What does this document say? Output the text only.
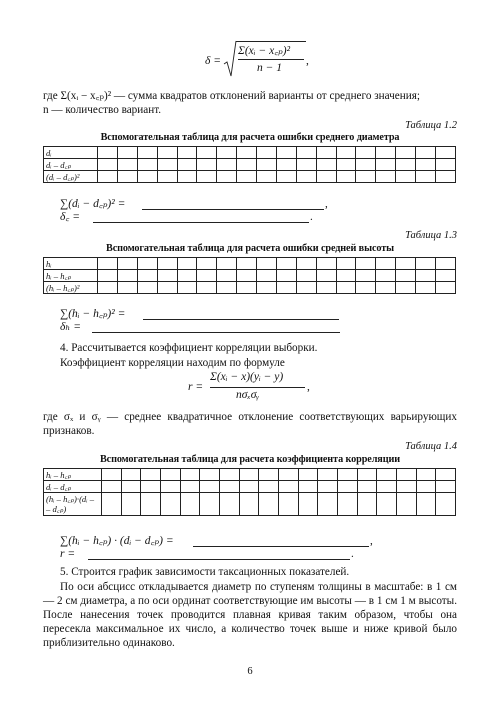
δ =
Σ(xᵢ − x꜀ₚ)²
n − 1
,
где Σ(xᵢ − x꜀ₚ)² — сумма квадратов отклонений варианты от среднего значения;
n — количество вариант.
Таблица 1.2
Вспомогательная таблица для расчета ошибки среднего диаметра
dᵢ																		
dᵢ – d꜀ₚ																		
(dᵢ – d꜀ₚ)²																		
∑(dᵢ − d꜀ₚ)² =	,
δ꜀ =	.
Таблица 1.3
Вспомогательная таблица для расчета ошибки средней высоты
hᵢ																		
hᵢ – h꜀ₚ																		
(hᵢ – h꜀ₚ)²																		
∑(hᵢ − h꜀ₚ)² =
δₕ =
4. Рассчитывается коэффициент корреляции выборки.
Коэффициент корреляции находим по формуле
r =
Σ(xᵢ − x)(yᵢ − y)
nσₓσᵧ
,
где σₓ и σᵧ — среднее квадратичное отклонение соответствующих варьирующих признаков.
Таблица 1.4
Вспомогательная таблица для расчета коэффициента корреляции
hᵢ – h꜀ₚ																		
dᵢ – d꜀ₚ																		
(hᵢ – h꜀ₚ)·(dᵢ –
– d꜀ₚ)																		
∑(hᵢ − h꜀ₚ) · (dᵢ − d꜀ₚ) =	,
r =	.
5. Строится график зависимости таксационных показателей.
По оси абсцисс откладывается диаметр по ступеням толщины в масштабе: в 1 см — 2 см диаметра, а по оси ординат соответствующие им высоты — в 1 см 1 м высоты. После нанесения точек проводится плавная кривая таким образом, чтобы она пересекла максимальное их число, а количество точек выше и ниже кривой было приблизительно одинаково.
6
